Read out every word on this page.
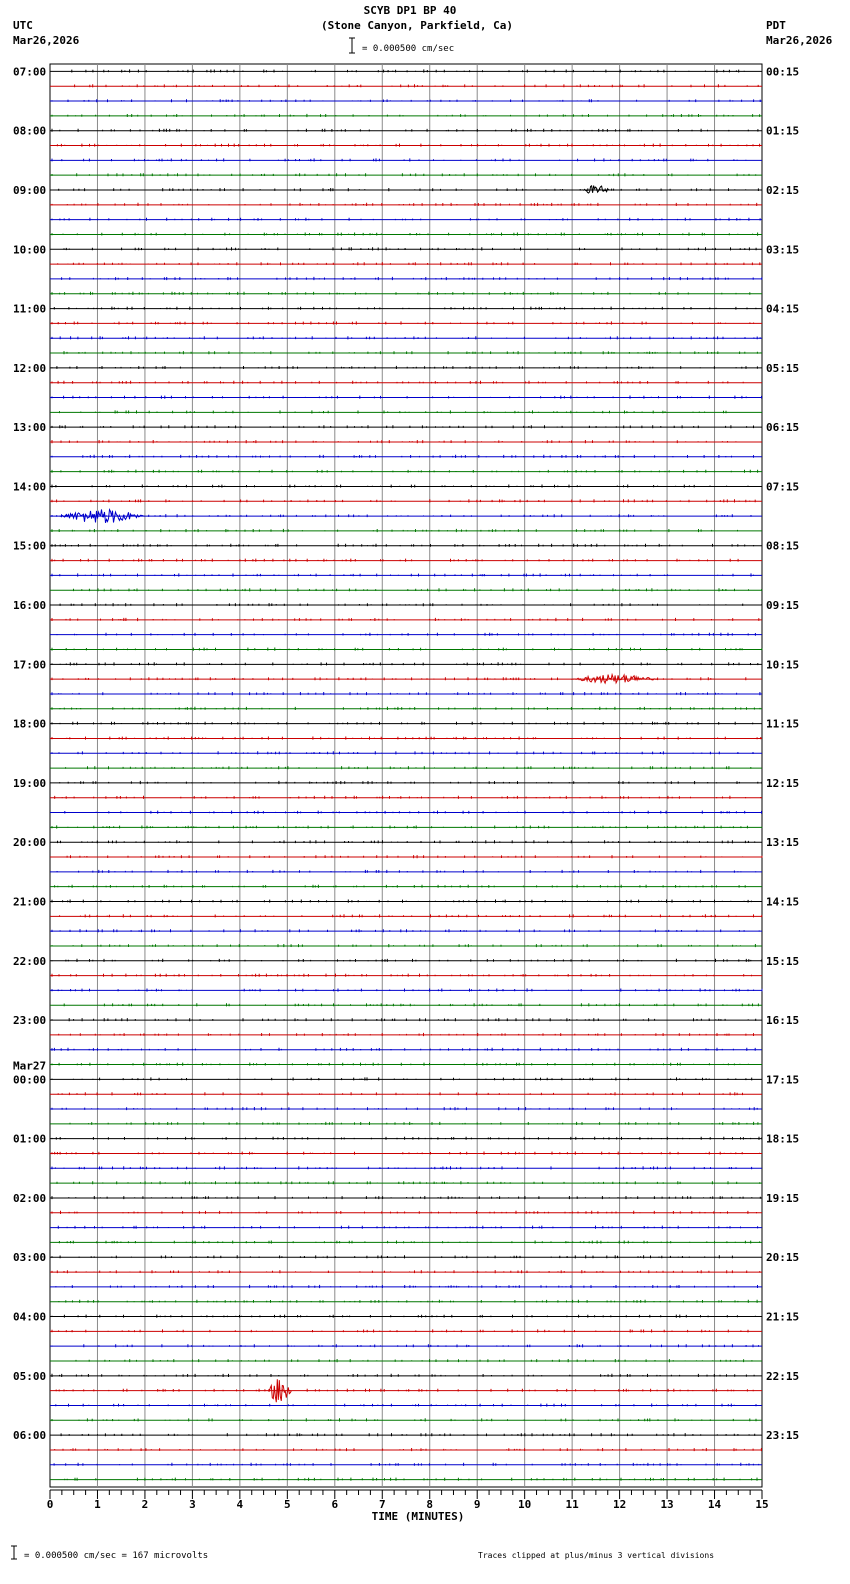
07:00
08:00
09:00
10:00
11:00
12:00
13:00
14:00
15:00
16:00
17:00
18:00
19:00
20:00
21:00
22:00
23:00
00:00
Mar27
01:00
02:00
03:00
04:00
05:00
06:00
00:15
01:15
02:15
03:15
04:15
05:15
06:15
07:15
08:15
09:15
10:15
11:15
12:15
13:15
14:15
15:15
16:15
17:15
18:15
19:15
20:15
21:15
22:15
23:15
0	1	2	3	4	5	6	7	8	9	10	11	12	13	14	15
SCYB DP1 BP 40
(Stone Canyon, Parkfield, Ca)
= 0.000500 cm/sec
UTC
Mar26,2026
PDT
Mar26,2026
TIME (MINUTES)
= 0.000500 cm/sec = 167 microvolts	Traces clipped at plus/minus 3 vertical divisions
